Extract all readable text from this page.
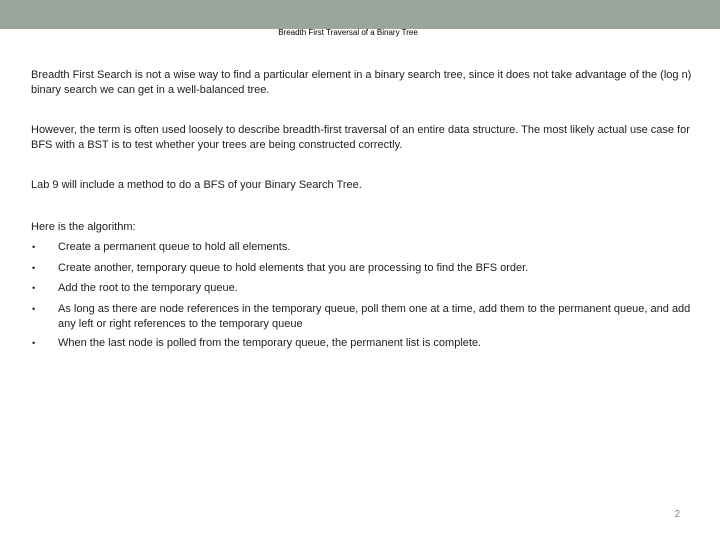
Breadth First Traversal of a Binary Tree

Breadth First Search is not a wise way to find a particular element in a binary search tree, since it does not take advantage of the (log n) binary search we can get in a well-balanced tree.

However, the term is often used loosely to describe breadth-first traversal of an entire data structure. The most likely actual use case for BFS with a BST is to test whether your trees are being constructed correctly.

Lab 9 will include a method to do a BFS of your Binary Search Tree.

Here is the algorithm:

•	Create a permanent queue to hold all elements.
•	Create another, temporary queue to hold elements that you are processing to find the BFS order.
•	Add the root to the temporary queue.
•	As long as there are node references in the temporary queue, poll them one at a time, add them to the permanent queue, and add any left or right references to the temporary queue
•	When the last node is polled from the temporary queue, the permanent list is complete.
2
